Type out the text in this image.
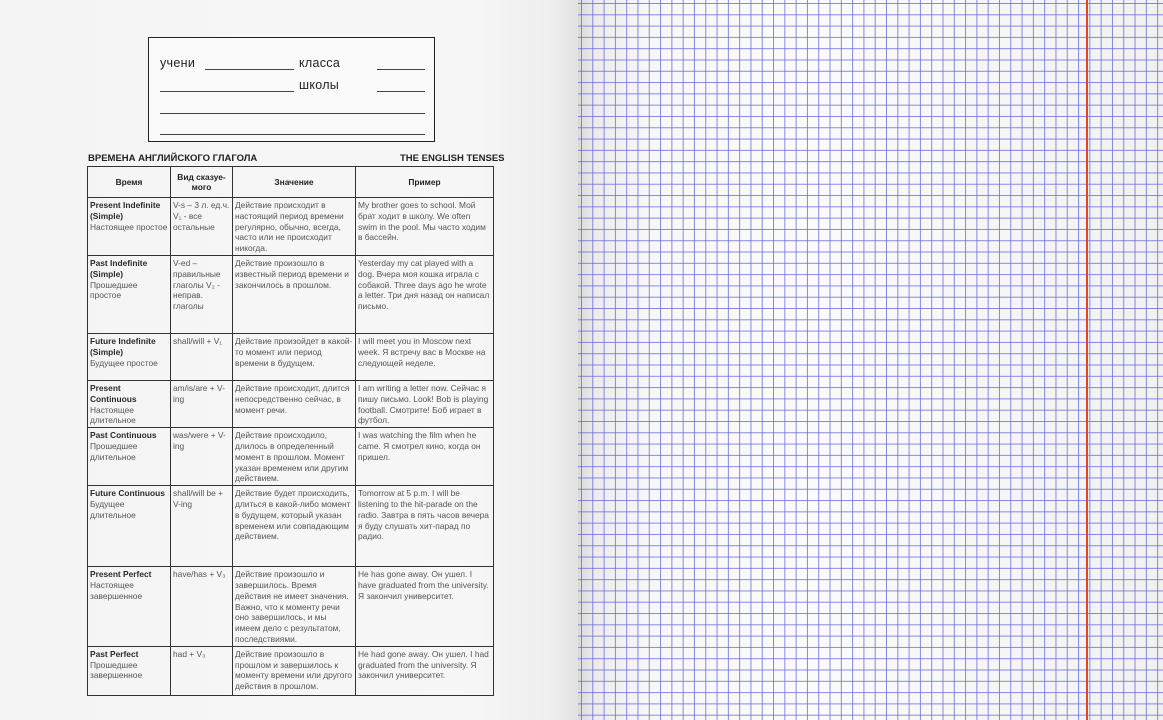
учени	класса
школы
ВРЕМЕНА АНГЛИЙСКОГО ГЛАГОЛА	THE ENGLISH TENSES
Время	Вид сказуе-мого	Значение	Пример

Present Indefinite (Simple)
Настоящее простое	V-s – 3 л. ед.ч. V₁ - все остальные	Действие происходит в настоящий период времени регулярно, обычно, всегда, часто или не происходит никогда.	My brother goes to school. Мой брат ходит в школу. We often swim in the pool. Мы часто ходим в бассейн.

Past Indefinite (Simple)
Прошедшее простое	V-ed – правильные глаголы V₂ - неправ. глаголы	Действие произошло в известный период времени и закончилось в прошлом.	Yesterday my cat played with a dog. Вчера моя кошка играла с собакой. Three days ago he wrote a letter. Три дня назад он написал письмо.

Future Indefinite (Simple)
Будущее простое	shall/will + V₁	Действие произойдет в какой-то момент или период времени в будущем.	I will meet you in Moscow next week. Я встречу вас в Москве на следующей неделе.

Present Continuous
Настоящее длительное	am/is/are + V-ing	Действие происходит, длится непосредственно сейчас, в момент речи.	I am writing a letter now. Сейчас я пишу письмо. Look! Bob is playing football. Смотрите! Боб играет в футбол.

Past Continuous
Прошедшее длительное	was/were + V-ing	Действие происходило, длилось в определенный момент в прошлом. Момент указан временем или другим действием.	I was watching the film when he came. Я смотрел кино, когда он пришел.

Future Continuous
Будущее длительное	shall/will be + V-ing	Действие будет происходить, длиться в какой-либо момент в будущем, который указан временем или совпадающим действием.	Tomorrow at 5 p.m. I will be listening to the hit-parade on the radio. Завтра в пять часов вечера я буду слушать хит-парад по радио.

Present Perfect
Настоящее завершенное	have/has + V₃	Действие произошло и завершилось. Время действия не имеет значения. Важно, что к моменту речи оно завершилось, и мы имеем дело с результатом, последствиями.	He has gone away. Он ушел. I have graduated from the university. Я закончил университет.

Past Perfect
Прошедшее завершенное	had + V₃	Действие произошло в прошлом и завершилось к моменту времени или другого действия в прошлом.	He had gone away. Он ушел. I had graduated from the university. Я закончил университет.
